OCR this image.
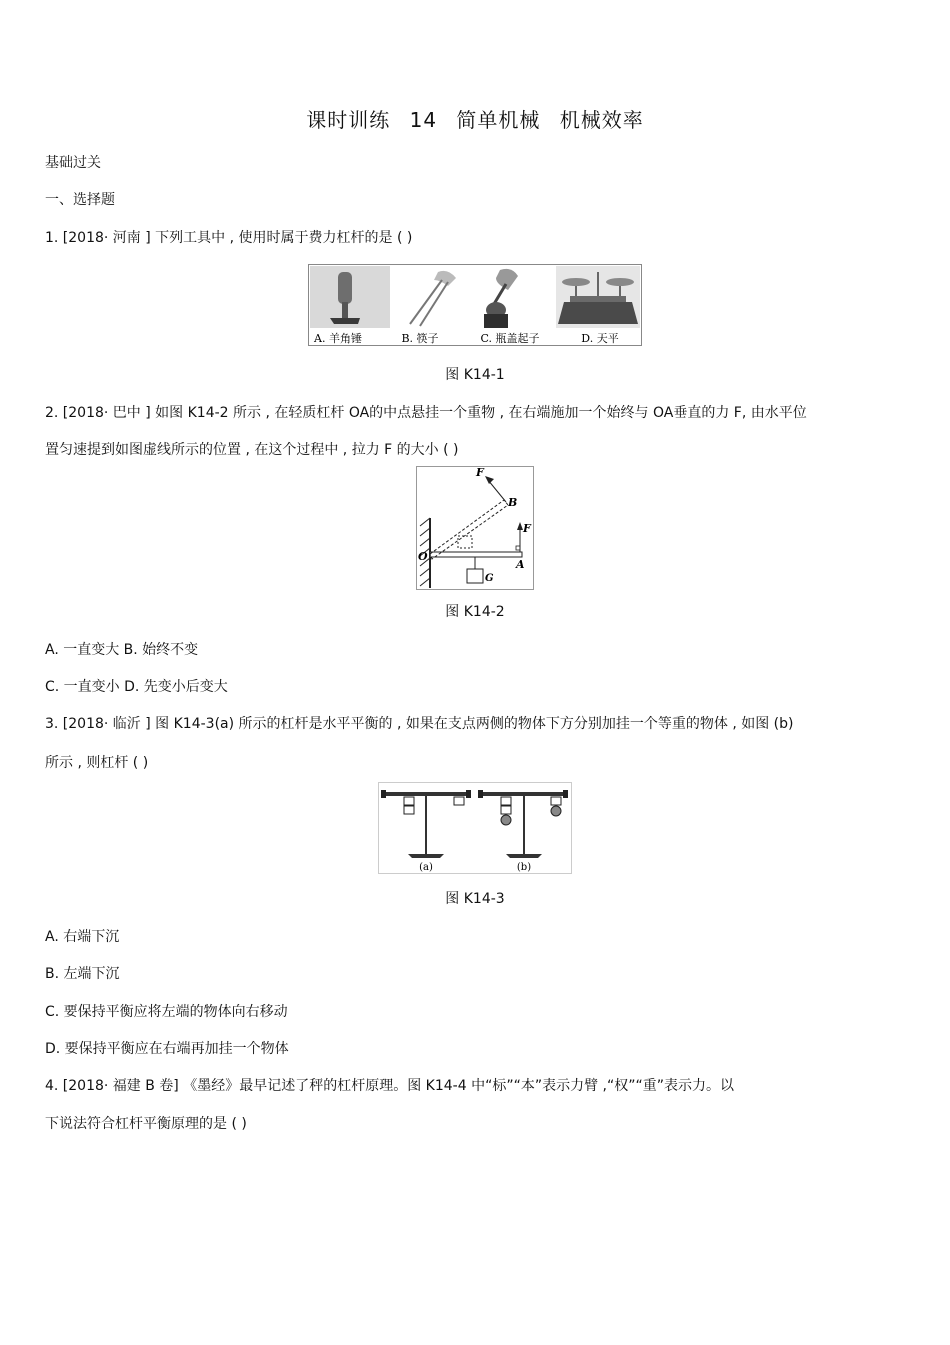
课时训练 14 简单机械 机械效率
基础过关
一、选择题
1. [2018· 河南 ] 下列工具中 , 使用时属于费力杠杆的是 ( )
A. 羊角锤	B. 筷子	C. 瓶盖起子	D. 天平
图 K14-1
2. [2018· 巴中 ] 如图 K14-2 所示 , 在轻质杠杆 OA的中点悬挂一个重物 , 在右端施加一个始终与 OA垂直的力 F, 由水平位
置匀速提到如图虚线所示的位置 , 在这个过程中 , 拉力 F 的大小 ( )
F
B
F
O
A
G
图 K14-2
A. 一直变大 B. 始终不变
C. 一直变小 D. 先变小后变大
3. [2018· 临沂 ] 图 K14-3(a) 所示的杠杆是水平平衡的 , 如果在支点两侧的物体下方分别加挂一个等重的物体 , 如图 (b)
所示 , 则杠杆 ( )
(a)	(b)
图 K14-3
A. 右端下沉
B. 左端下沉
C. 要保持平衡应将左端的物体向右移动
D. 要保持平衡应在右端再加挂一个物体
4. [2018· 福建 B 卷] 《墨经》最早记述了秤的杠杆原理。图 K14-4 中“标”“本”表示力臂 ,“权”“重”表示力。以
下说法符合杠杆平衡原理的是 ( )
